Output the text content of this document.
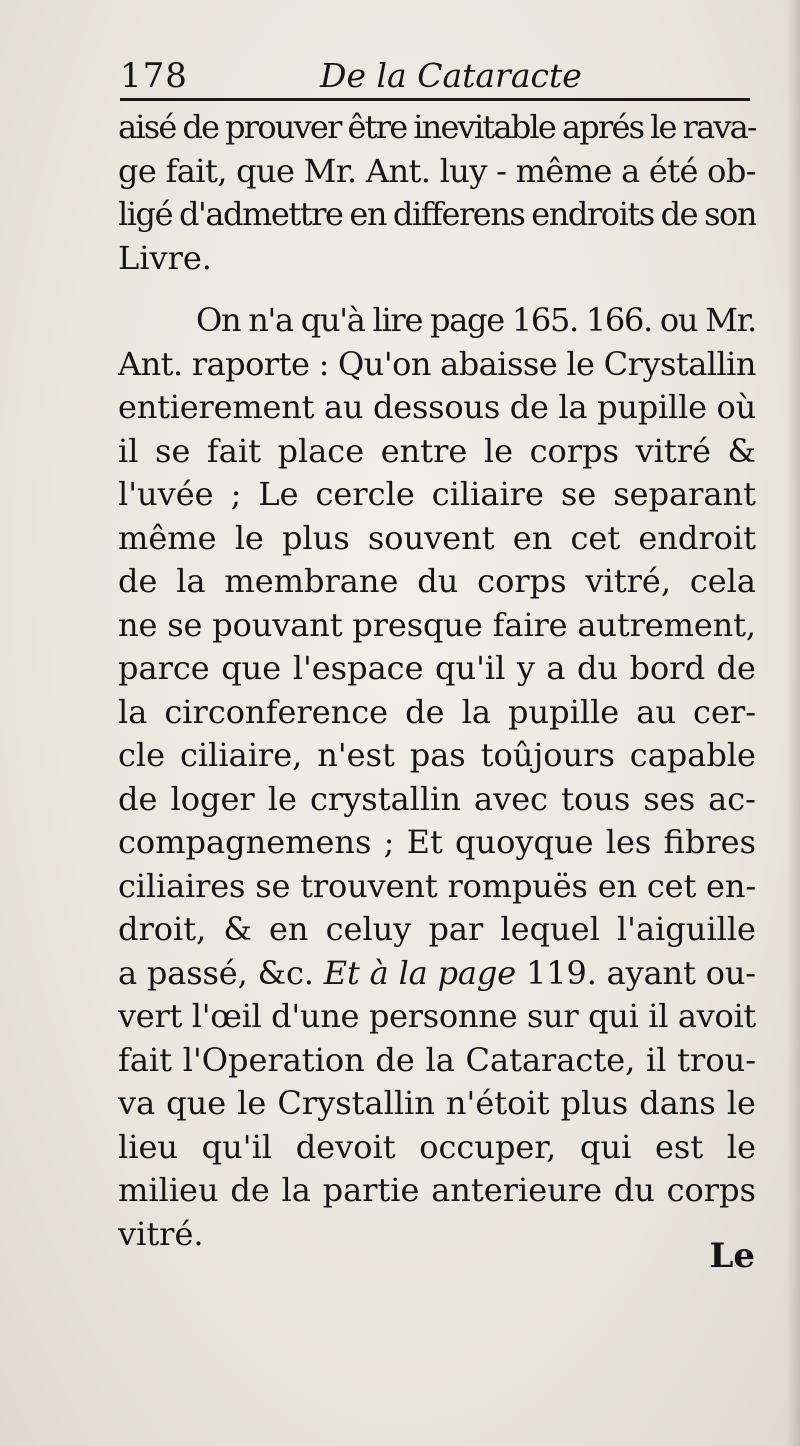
178	De la Cataracte
aisé de prouver être inevitable aprés le rava-
ge fait, que Mr. Ant. luy - même a été ob-
ligé d'admettre en differens endroits de son
Livre.
On n'a qu'à lire page 165. 166. ou Mr.
Ant. raporte : Qu'on abaisse le Crystallin
entierement au dessous de la pupille où
il se fait place entre le corps vitré &
l'uvée ; Le cercle ciliaire se separant
même le plus souvent en cet endroit
de la membrane du corps vitré, cela
ne se pouvant presque faire autrement,
parce que l'espace qu'il y a du bord de
la circonference de la pupille au cer-
cle ciliaire, n'est pas toûjours capable
de loger le crystallin avec tous ses ac-
compagnemens ; Et quoyque les fibres
ciliaires se trouvent rompuës en cet en-
droit, & en celuy par lequel l'aiguille
a passé, &c. Et à la page 119. ayant ou-
vert l'œil d'une personne sur qui il avoit
fait l'Operation de la Cataracte, il trou-
va que le Crystallin n'étoit plus dans le
lieu qu'il devoit occuper, qui est le
milieu de la partie anterieure du corps
vitré.
Le
